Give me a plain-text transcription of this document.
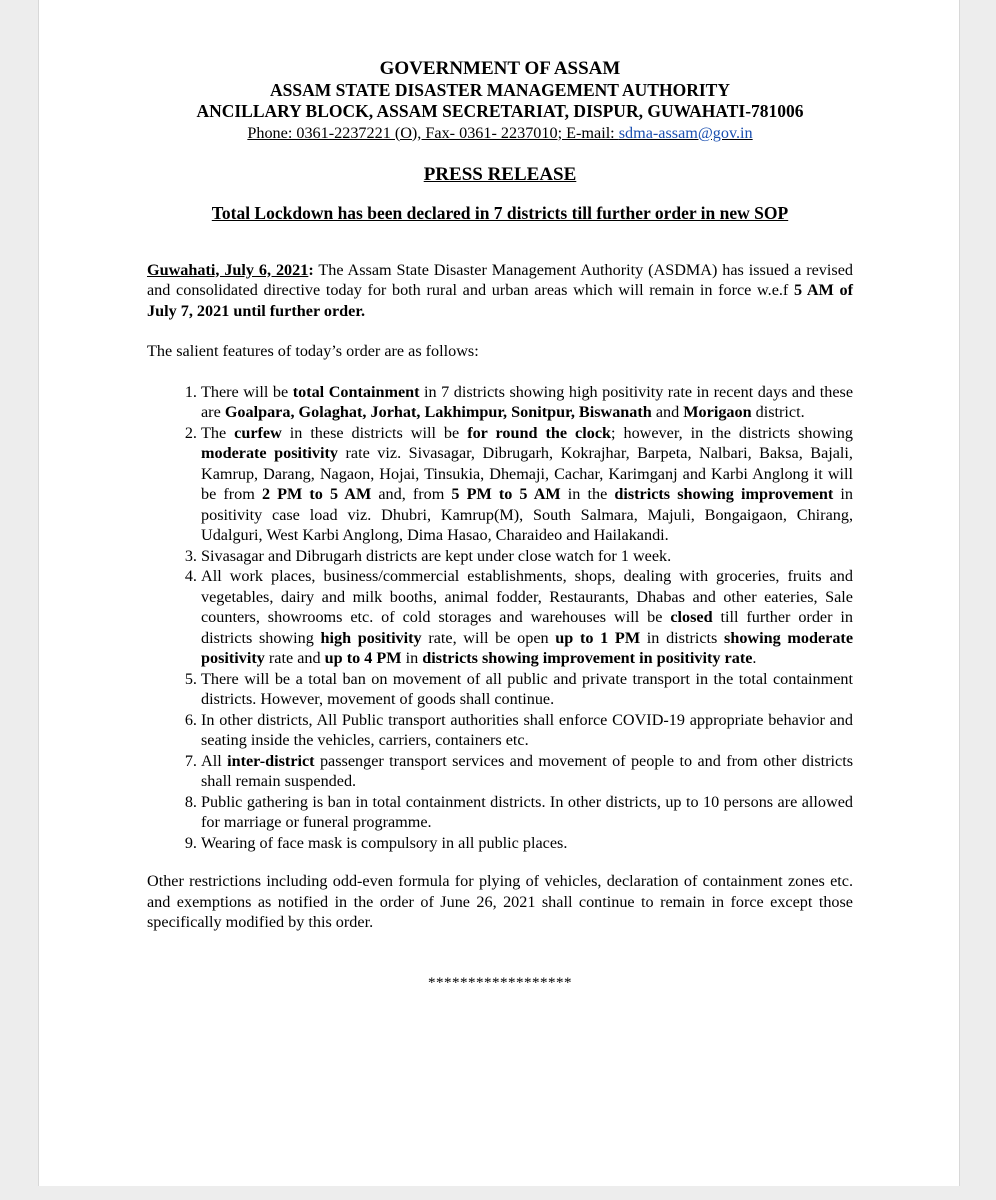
GOVERNMENT OF ASSAM
ASSAM STATE DISASTER MANAGEMENT AUTHORITY
ANCILLARY BLOCK, ASSAM SECRETARIAT, DISPUR, GUWAHATI-781006
Phone: 0361-2237221 (O), Fax- 0361- 2237010; E-mail: sdma-assam@gov.in
PRESS RELEASE
Total Lockdown has been declared in 7 districts till further order in new SOP

Guwahati, July 6, 2021: The Assam State Disaster Management Authority (ASDMA) has issued a revised and consolidated directive today for both rural and urban areas which will remain in force w.e.f 5 AM of July 7, 2021 until further order.

The salient features of today’s order are as follows:

1. There will be total Containment in 7 districts showing high positivity rate in recent days and these are Goalpara, Golaghat, Jorhat, Lakhimpur, Sonitpur, Biswanath and Morigaon district.
2. The curfew in these districts will be for round the clock; however, in the districts showing moderate positivity rate viz. Sivasagar, Dibrugarh, Kokrajhar, Barpeta, Nalbari, Baksa, Bajali, Kamrup, Darang, Nagaon, Hojai, Tinsukia, Dhemaji, Cachar, Karimganj and Karbi Anglong it will be from 2 PM to 5 AM and, from 5 PM to 5 AM in the districts showing improvement in positivity case load viz. Dhubri, Kamrup(M), South Salmara, Majuli, Bongaigaon, Chirang, Udalguri, West Karbi Anglong, Dima Hasao, Charaideo and Hailakandi.
3. Sivasagar and Dibrugarh districts are kept under close watch for 1 week.
4. All work places, business/commercial establishments, shops, dealing with groceries, fruits and vegetables, dairy and milk booths, animal fodder, Restaurants, Dhabas and other eateries, Sale counters, showrooms etc. of cold storages and warehouses will be closed till further order in districts showing high positivity rate, will be open up to 1 PM in districts showing moderate positivity rate and up to 4 PM in districts showing improvement in positivity rate.
5. There will be a total ban on movement of all public and private transport in the total containment districts. However, movement of goods shall continue.
6. In other districts, All Public transport authorities shall enforce COVID-19 appropriate behavior and seating inside the vehicles, carriers, containers etc.
7. All inter-district passenger transport services and movement of people to and from other districts shall remain suspended.
8. Public gathering is ban in total containment districts. In other districts, up to 10 persons are allowed for marriage or funeral programme.
9. Wearing of face mask is compulsory in all public places.

Other restrictions including odd-even formula for plying of vehicles, declaration of containment zones etc. and exemptions as notified in the order of June 26, 2021 shall continue to remain in force except those specifically modified by this order.

******************
